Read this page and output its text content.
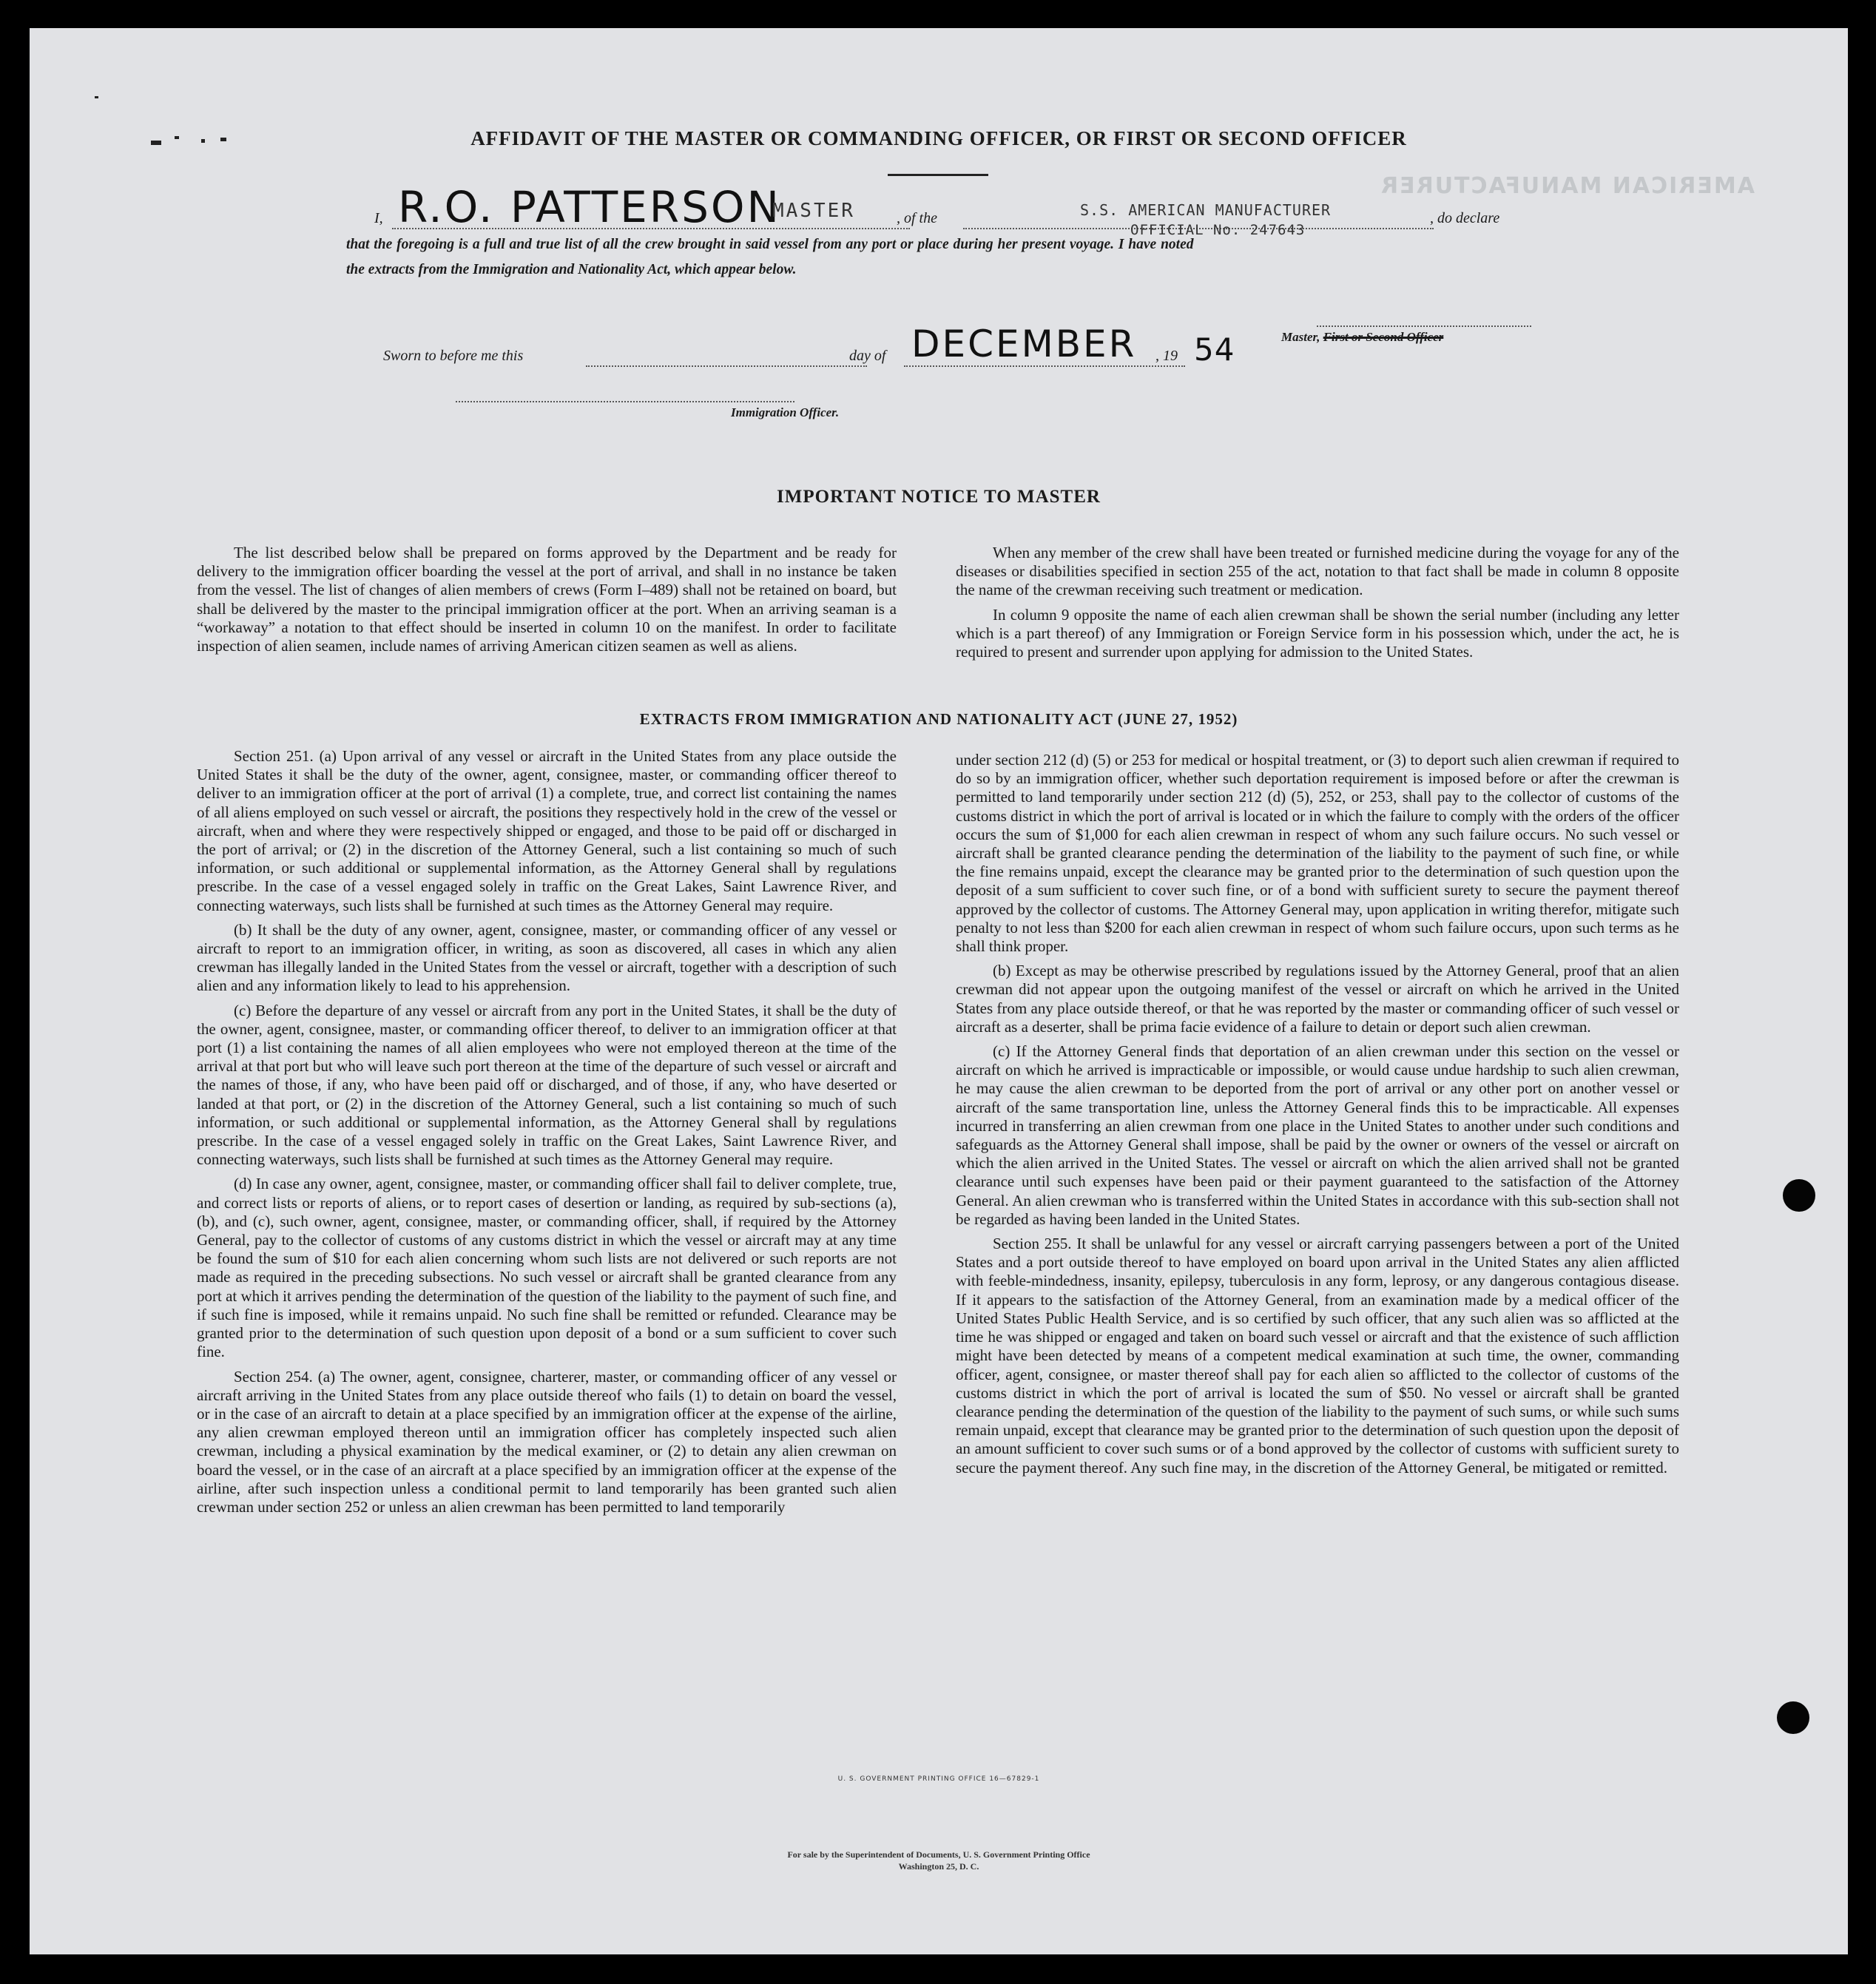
AMERICAN MANUFACTURER
AFFIDAVIT OF THE MASTER OR COMMANDING OFFICER, OR FIRST OR SECOND OFFICER
I, R.O. PATTERSON
MASTER	, of the	S.S. AMERICAN MANUFACTURER
OFFICIAL No. 247643
, do declare
that the foregoing is a full and true list of all the crew brought in said vessel from any port or place during her present voyage. I have noted
the extracts from the Immigration and Nationality Act, which appear below.
Master, First or Second Officer
Sworn to before me this	day of DECEMBER , 19 54
Immigration Officer.
IMPORTANT NOTICE TO MASTER

The list described below shall be prepared on forms approved by the Department and be ready for delivery to the immigration officer boarding the vessel at the port of arrival, and shall in no instance be taken from the vessel. The list of changes of alien members of crews (Form I–489) shall not be retained on board, but shall be delivered by the master to the principal immigration officer at the port. When an arriving seaman is a “workaway” a notation to that effect should be inserted in column 10 on the manifest. In order to facilitate inspection of alien seamen, include names of arriving American citizen seamen as well as aliens.

When any member of the crew shall have been treated or furnished medicine during the voyage for any of the diseases or disabilities specified in section 255 of the act, notation to that fact shall be made in column 8 opposite the name of the crewman receiving such treatment or medication.

In column 9 opposite the name of each alien crewman shall be shown the serial number (including any letter which is a part thereof) of any Immigration or Foreign Service form in his possession which, under the act, he is required to present and surrender upon applying for admission to the United States.

EXTRACTS FROM IMMIGRATION AND NATIONALITY ACT (JUNE 27, 1952)

Section 251. (a) Upon arrival of any vessel or aircraft in the United States from any place outside the United States it shall be the duty of the owner, agent, consignee, master, or commanding officer thereof to deliver to an immigration officer at the port of arrival (1) a complete, true, and correct list containing the names of all aliens employed on such vessel or aircraft, the positions they respectively hold in the crew of the vessel or aircraft, when and where they were respectively shipped or engaged, and those to be paid off or discharged in the port of arrival; or (2) in the discretion of the Attorney General, such a list containing so much of such information, or such additional or supplemental information, as the Attorney General shall by regulations prescribe. In the case of a vessel engaged solely in traffic on the Great Lakes, Saint Lawrence River, and connecting waterways, such lists shall be furnished at such times as the Attorney General may require.

(b) It shall be the duty of any owner, agent, consignee, master, or commanding officer of any vessel or aircraft to report to an immigration officer, in writing, as soon as discovered, all cases in which any alien crewman has illegally landed in the United States from the vessel or aircraft, together with a description of such alien and any information likely to lead to his apprehension.

(c) Before the departure of any vessel or aircraft from any port in the United States, it shall be the duty of the owner, agent, consignee, master, or commanding officer thereof, to deliver to an immigration officer at that port (1) a list containing the names of all alien employees who were not employed thereon at the time of the arrival at that port but who will leave such port thereon at the time of the departure of such vessel or aircraft and the names of those, if any, who have been paid off or discharged, and of those, if any, who have deserted or landed at that port, or (2) in the discretion of the Attorney General, such a list containing so much of such information, or such additional or supplemental information, as the Attorney General shall by regulations prescribe. In the case of a vessel engaged solely in traffic on the Great Lakes, Saint Lawrence River, and connecting waterways, such lists shall be furnished at such times as the Attorney General may require.

(d) In case any owner, agent, consignee, master, or commanding officer shall fail to deliver complete, true, and correct lists or reports of aliens, or to report cases of desertion or landing, as required by sub-sections (a), (b), and (c), such owner, agent, consignee, master, or commanding officer, shall, if required by the Attorney General, pay to the collector of customs of any customs district in which the vessel or aircraft may at any time be found the sum of $10 for each alien concerning whom such lists are not delivered or such reports are not made as required in the preceding subsections. No such vessel or aircraft shall be granted clearance from any port at which it arrives pending the determination of the question of the liability to the payment of such fine, and if such fine is imposed, while it remains unpaid. No such fine shall be remitted or refunded. Clearance may be granted prior to the determination of such question upon deposit of a bond or a sum sufficient to cover such fine.

Section 254. (a) The owner, agent, consignee, charterer, master, or commanding officer of any vessel or aircraft arriving in the United States from any place outside thereof who fails (1) to detain on board the vessel, or in the case of an aircraft to detain at a place specified by an immigration officer at the expense of the airline, any alien crewman employed thereon until an immigration officer has completely inspected such alien crewman, including a physical examination by the medical examiner, or (2) to detain any alien crewman on board the vessel, or in the case of an aircraft at a place specified by an immigration officer at the expense of the airline, after such inspection unless a conditional permit to land temporarily has been granted such alien crewman under section 252 or unless an alien crewman has been permitted to land temporarily

under section 212 (d) (5) or 253 for medical or hospital treatment, or (3) to deport such alien crewman if required to do so by an immigration officer, whether such deportation requirement is imposed before or after the crewman is permitted to land temporarily under section 212 (d) (5), 252, or 253, shall pay to the collector of customs of the customs district in which the port of arrival is located or in which the failure to comply with the orders of the officer occurs the sum of $1,000 for each alien crewman in respect of whom any such failure occurs. No such vessel or aircraft shall be granted clearance pending the determination of the liability to the payment of such fine, or while the fine remains unpaid, except the clearance may be granted prior to the determination of such question upon the deposit of a sum sufficient to cover such fine, or of a bond with sufficient surety to secure the payment thereof approved by the collector of customs. The Attorney General may, upon application in writing therefor, mitigate such penalty to not less than $200 for each alien crewman in respect of whom such failure occurs, upon such terms as he shall think proper.

(b) Except as may be otherwise prescribed by regulations issued by the Attorney General, proof that an alien crewman did not appear upon the outgoing manifest of the vessel or aircraft on which he arrived in the United States from any place outside thereof, or that he was reported by the master or commanding officer of such vessel or aircraft as a deserter, shall be prima facie evidence of a failure to detain or deport such alien crewman.

(c) If the Attorney General finds that deportation of an alien crewman under this section on the vessel or aircraft on which he arrived is impracticable or impossible, or would cause undue hardship to such alien crewman, he may cause the alien crewman to be deported from the port of arrival or any other port on another vessel or aircraft of the same transportation line, unless the Attorney General finds this to be impracticable. All expenses incurred in transferring an alien crewman from one place in the United States to another under such conditions and safeguards as the Attorney General shall impose, shall be paid by the owner or owners of the vessel or aircraft on which the alien arrived in the United States. The vessel or aircraft on which the alien arrived shall not be granted clearance until such expenses have been paid or their payment guaranteed to the satisfaction of the Attorney General. An alien crewman who is transferred within the United States in accordance with this sub-section shall not be regarded as having been landed in the United States.

Section 255. It shall be unlawful for any vessel or aircraft carrying passengers between a port of the United States and a port outside thereof to have employed on board upon arrival in the United States any alien afflicted with feeble-mindedness, insanity, epilepsy, tuberculosis in any form, leprosy, or any dangerous contagious disease. If it appears to the satisfaction of the Attorney General, from an examination made by a medical officer of the United States Public Health Service, and is so certified by such officer, that any such alien was so afflicted at the time he was shipped or engaged and taken on board such vessel or aircraft and that the existence of such affliction might have been detected by means of a competent medical examination at such time, the owner, commanding officer, agent, consignee, or master thereof shall pay for each alien so afflicted to the collector of customs of the customs district in which the port of arrival is located the sum of $50. No vessel or aircraft shall be granted clearance pending the determination of the question of the liability to the payment of such sums, or while such sums remain unpaid, except that clearance may be granted prior to the determination of such question upon the deposit of an amount sufficient to cover such sums or of a bond approved by the collector of customs with sufficient surety to secure the payment thereof. Any such fine may, in the discretion of the Attorney General, be mitigated or remitted.

U. S. GOVERNMENT PRINTING OFFICE 16—67829-1
For sale by the Superintendent of Documents, U. S. Government Printing Office
Washington 25, D. C.
